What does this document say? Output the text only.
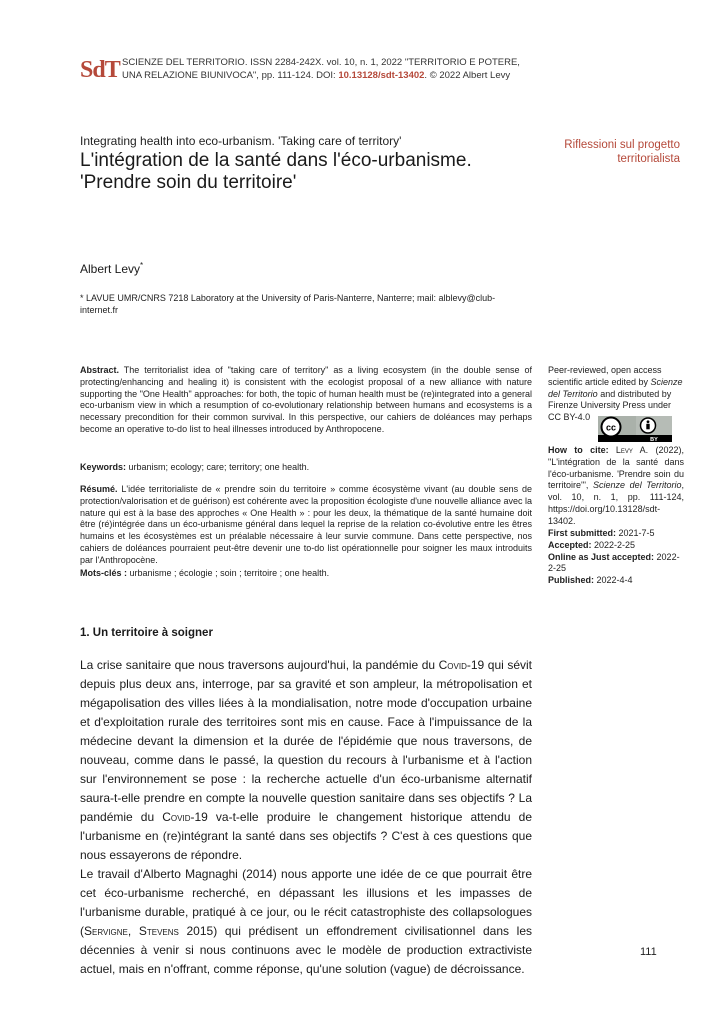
SdT SCIENZE DEL TERRITORIO. ISSN 2284-242X. vol. 10, n. 1, 2022 "TERRITORIO E POTERE, UNA RELAZIONE BIUNIVOCA", pp. 111-124. DOI: 10.13128/sdt-13402. © 2022 Albert Levy
Integrating health into eco-urbanism. 'Taking care of territory'
L'intégration de la santé dans l'éco-urbanisme. 'Prendre soin du territoire'
Riflessioni sul progetto territorialista
Albert Levy*
* LAVUE UMR/CNRS 7218 Laboratory at the University of Paris-Nanterre, Nanterre; mail: alblevy@club-internet.fr
Abstract. The territorialist idea of "taking care of territory" as a living ecosystem (in the double sense of protecting/enhancing and healing it) is consistent with the ecologist proposal of a new alliance with nature supporting the "One Health" approaches: for both, the topic of human health must be (re)integrated into a general eco-urbanism view in which a resumption of co-evolutionary relationship between humans and ecosystems is a necessary precondition for their common survival. In this perspective, our cahiers de doléances may perhaps become an operative to-do list to heal illnesses introduced by Anthropocene.
Keywords: urbanism; ecology; care; territory; one health.
Résumé. L'idée territorialiste de « prendre soin du territoire » comme écosystème vivant (au double sens de protection/valorisation et de guérison) est cohérente avec la proposition écologiste d'une nouvelle alliance avec la nature qui est à la base des approches « One Health » : pour les deux, la thématique de la santé humaine doit être (ré)intégrée dans un éco-urbanisme général dans lequel la reprise de la relation co-évolutive entre les êtres humains et les écosystèmes est un préalable nécessaire à leur survie commune. Dans cette perspective, nos cahiers de doléances pourraient peut-être devenir une to-do list opérationnelle pour soigner les maux introduits par l'Anthropocène.
Mots-clés : urbanisme ; écologie ; soin ; territoire ; one health.
Peer-reviewed, open access scientific article edited by Scienze del Territorio and distributed by Firenze University Press under CC BY-4.0
cc
BY
How to cite: Levy A. (2022), "L'intégration de la santé dans l'éco-urbanisme. 'Prendre soin du territoire'", Scienze del Territorio, vol. 10, n. 1, pp. 111-124, https://doi.org/10.13128/sdt-13402.
First submitted: 2021-7-5
Accepted: 2022-2-25
Online as Just accepted: 2022-2-25
Published: 2022-4-4
1. Un territoire à soigner

La crise sanitaire que nous traversons aujourd'hui, la pandémie du Covid-19 qui sévit depuis plus deux ans, interroge, par sa gravité et son ampleur, la métropolisation et mégapolisation des villes liées à la mondialisation, notre mode d'occupation urbaine et d'exploitation rurale des territoires sont mis en cause. Face à l'impuissance de la médecine devant la dimension et la durée de l'épidémie que nous traversons, de nouveau, comme dans le passé, la question du recours à l'urbanisme et à l'action sur l'environnement se pose : la recherche actuelle d'un éco-urbanisme alternatif saura-t-elle prendre en compte la nouvelle question sanitaire dans ses objectifs ? La pandémie du Covid-19 va-t-elle produire le changement historique attendu de l'urbanisme en (re)intégrant la santé dans ses objectifs ? C'est à ces questions que nous essayerons de répondre.

Le travail d'Alberto Magnaghi (2014) nous apporte une idée de ce que pourrait être cet éco-urbanisme recherché, en dépassant les illusions et les impasses de l'urbanisme durable, pratiqué à ce jour, ou le récit catastrophiste des collapsologues (Servigne, Stevens 2015) qui prédisent un effondrement civilisationnel dans les décennies à venir si nous continuons avec le modèle de production extractiviste actuel, mais en n'offrant, comme réponse, qu'une solution (vague) de décroissance.

111
